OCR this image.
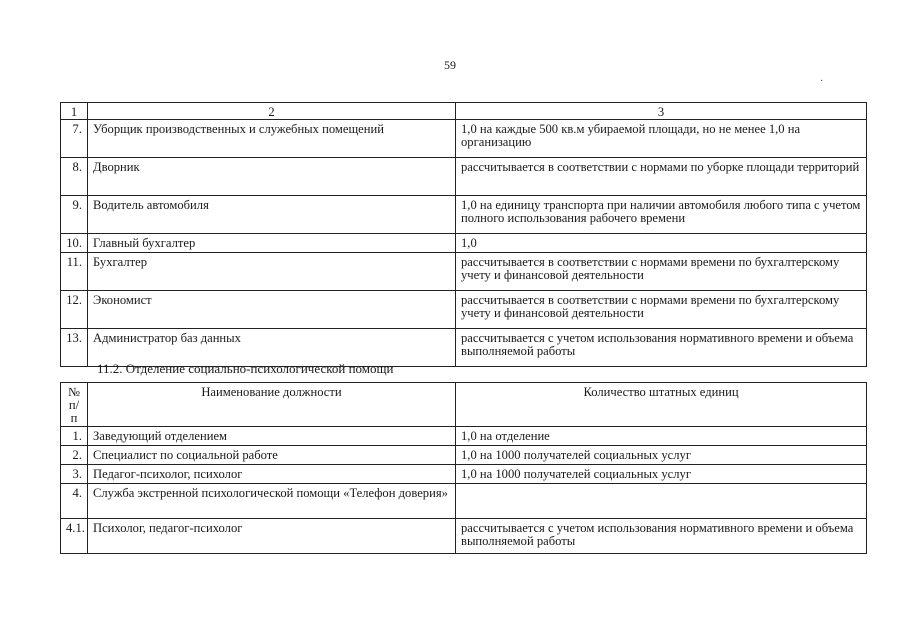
59
·
1	2	3
7.	Уборщик производственных и служебных помещений	1,0 на каждые 500 кв.м убираемой площади, но не менее 1,0 на организацию
8.	Дворник	рассчитывается в соответствии с нормами по уборке площади территорий
9.	Водитель автомобиля	1,0 на единицу транспорта при наличии автомобиля любого типа с учетом полного использования рабочего времени
10.	Главный бухгалтер	1,0
11.	Бухгалтер	рассчитывается в соответствии с нормами времени по бухгалтерскому учету и финансовой деятельности
12.	Экономист	рассчитывается в соответствии с нормами времени по бухгалтерскому учету и финансовой деятельности
13.	Администратор баз данных	рассчитывается с учетом использования нормативного времени и объема выполняемой работы
11.2. Отделение социально-психологической помощи
№ п/п	Наименование должности	Количество штатных единиц
1.	Заведующий отделением	1,0 на отделение
2.	Специалист по социальной работе	1,0 на 1000 получателей социальных услуг
3.	Педагог-психолог, психолог	1,0 на 1000 получателей социальных услуг
4.	Служба экстренной психологической помощи «Телефон доверия»	
4.1.	Психолог, педагог-психолог	рассчитывается с учетом использования нормативного времени и объема выполняемой работы
